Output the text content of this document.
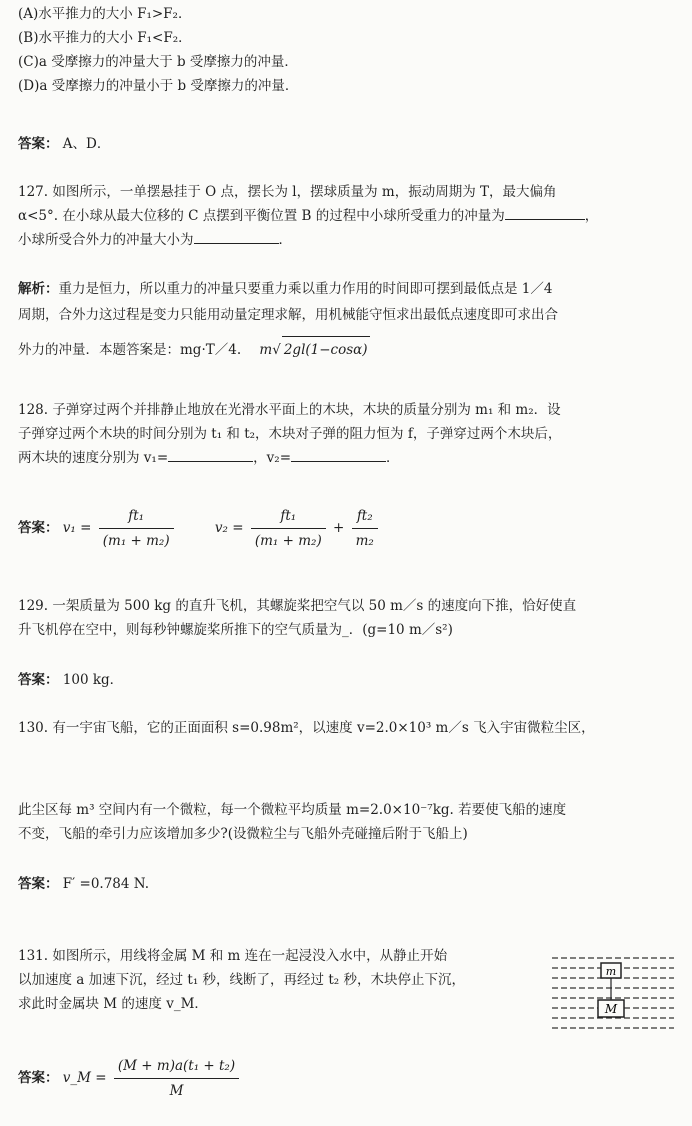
(A)水平推力的大小 F₁>F₂．
(B)水平推力的大小 F₁<F₂．
(C)a 受摩擦力的冲量大于 b 受摩擦力的冲量．
(D)a 受摩擦力的冲量小于 b 受摩擦力的冲量．
答案： A、D．
127. 如图所示，一单摆悬挂于 O 点，摆长为 l，摆球质量为 m，振动周期为 T，最大偏角
α<5°. 在小球从最大位移的 C 点摆到平衡位置 B 的过程中小球所受重力的冲量为	，
小球所受合外力的冲量大小为	．
解析：重力是恒力，所以重力的冲量只要重力乘以重力作用的时间即可摆到最低点是 1／4
周期，合外力这过程是变力只能用动量定理求解，用机械能守恒求出最低点速度即可求出合
外力的冲量．本题答案是：mg·T／4. m√ 2gl(1−cosα)
128. 子弹穿过两个并排静止地放在光滑水平面上的木块，木块的质量分别为 m₁ 和 m₂．设
子弹穿过两个木块的时间分别为 t₁ 和 t₂，木块对子弹的阻力恒为 f，子弹穿过两个木块后，
两木块的速度分别为 v₁=	，v₂=	．
答案： $v_1 = \frac{\text{ft₁}}{\text{(m₁ + m₂)}}$	$v_2 = \frac{\text{ft₁}}{\text{(m₁ + m₂)}} + \frac{\text{ft₂}}{\text{m₂}}$
129. 一架质量为 500 kg 的直升飞机，其螺旋桨把空气以 50 m／s 的速度向下推，恰好使直
升飞机停在空中，则每秒钟螺旋桨所推下的空气质量为_．(g=10 m／s²)
答案： 100 kg．
130. 有一宇宙飞船，它的正面面积 s=0.98m²，以速度 v=2.0×10³ m／s 飞入宇宙微粒尘区，
此尘区每 m³ 空间内有一个微粒，每一个微粒平均质量 m=2.0×10⁻⁷kg. 若要使飞船的速度
不变，飞船的牵引力应该增加多少?(设微粒尘与飞船外壳碰撞后附于飞船上)
答案： F′ =0.784 N.
131. 如图所示，用线将金属 M 和 m 连在一起浸没入水中，从静止开始
以加速度 a 加速下沉，经过 t₁ 秒，线断了，再经过 t₂ 秒，木块停止下沉，
求此时金属块 M 的速度 v_M．
m
M
答案： v_M = $\frac{\text{(M + m)a(t₁ + t₂)}}{M}$
